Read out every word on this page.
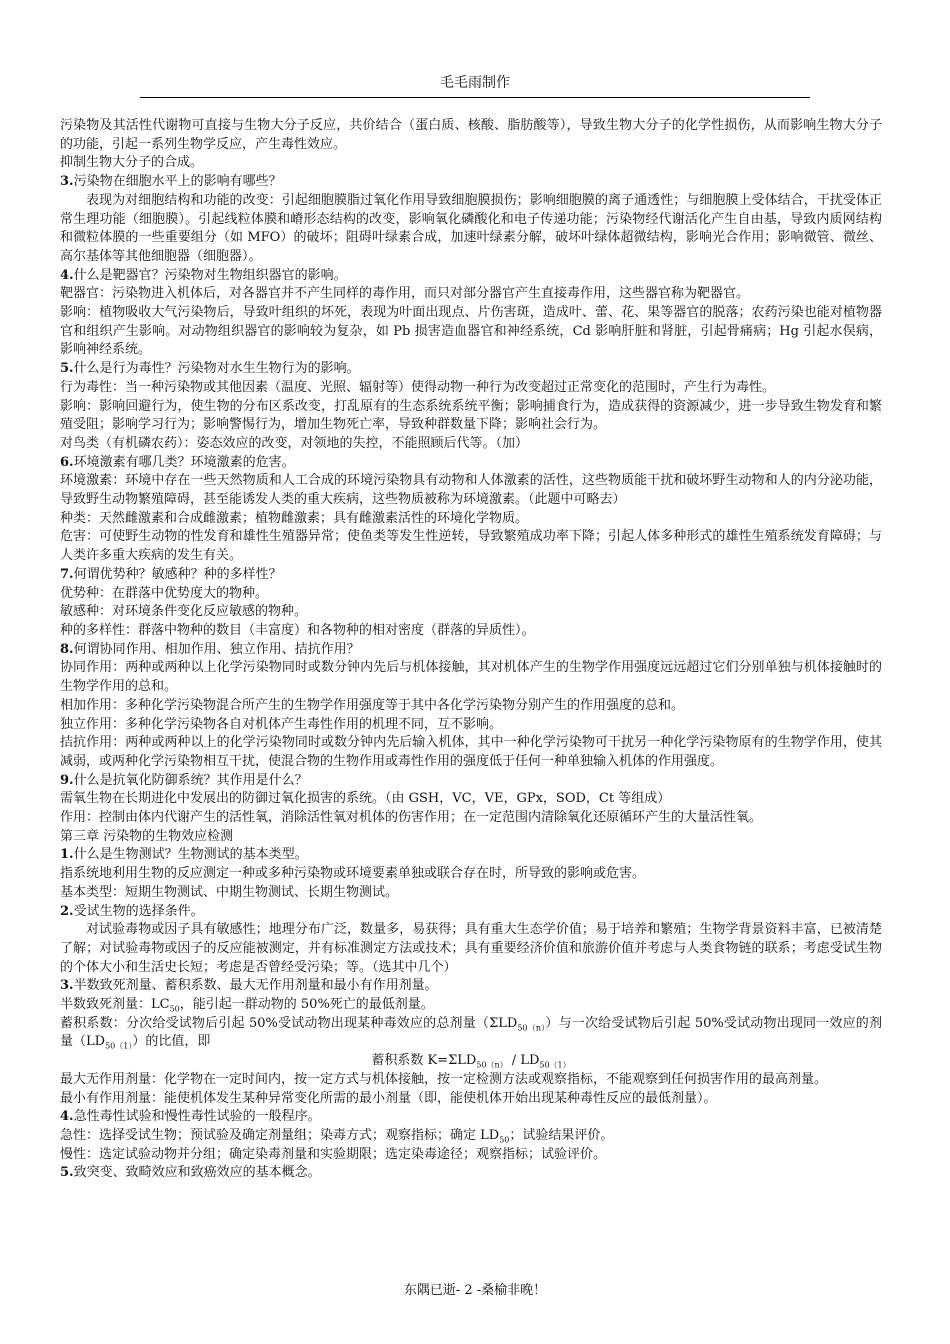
毛毛雨制作

污染物及其活性代谢物可直接与生物大分子反应，共价结合（蛋白质、核酸、脂肪酸等），导致生物大分子的化学性损伤，从而影响生物大分子的功能，引起一系列生物学反应，产生毒性效应。

抑制生物大分子的合成。

3.污染物在细胞水平上的影响有哪些？

表现为对细胞结构和功能的改变：引起细胞膜脂过氧化作用导致细胞膜损伤；影响细胞膜的离子通透性；与细胞膜上受体结合，干扰受体正常生理功能（细胞膜）。引起线粒体膜和嵴形态结构的改变，影响氧化磷酸化和电子传递功能；污染物经代谢活化产生自由基，导致内质网结构和微粒体膜的一些重要组分（如 MFO）的破坏；阻碍叶绿素合成，加速叶绿素分解，破坏叶绿体超微结构，影响光合作用；影响微管、微丝、高尔基体等其他细胞器（细胞器）。

4.什么是靶器官？污染物对生物组织器官的影响。

靶器官：污染物进入机体后，对各器官并不产生同样的毒作用，而只对部分器官产生直接毒作用，这些器官称为靶器官。

影响：植物吸收大气污染物后，导致叶组织的坏死，表现为叶面出现点、片伤害斑，造成叶、蕾、花、果等器官的脱落；农药污染也能对植物器官和组织产生影响。对动物组织器官的影响较为复杂，如 Pb 损害造血器官和神经系统，Cd 影响肝脏和肾脏，引起骨痛病；Hg 引起水俣病，影响神经系统。

5.什么是行为毒性？污染物对水生生物行为的影响。

行为毒性：当一种污染物或其他因素（温度、光照、辐射等）使得动物一种行为改变超过正常变化的范围时，产生行为毒性。

影响：影响回避行为，使生物的分布区系改变，打乱原有的生态系统系统平衡；影响捕食行为，造成获得的资源减少，进一步导致生物发育和繁殖受阻；影响学习行为；影响警惕行为，增加生物死亡率，导致种群数量下降；影响社会行为。

对鸟类（有机磷农药）：姿态效应的改变，对领地的失控，不能照顾后代等。（加）

6.环境激素有哪几类？环境激素的危害。

环境激素：环境中存在一些天然物质和人工合成的环境污染物具有动物和人体激素的活性，这些物质能干扰和破坏野生动物和人的内分泌功能，导致野生动物繁殖障碍，甚至能诱发人类的重大疾病，这些物质被称为环境激素。（此题中可略去）

种类：天然雌激素和合成雌激素；植物雌激素；具有雌激素活性的环境化学物质。

危害：可使野生动物的性发育和雄性生殖器异常；使鱼类等发生性逆转，导致繁殖成功率下降；引起人体多种形式的雄性生殖系统发育障碍；与人类许多重大疾病的发生有关。

7.何谓优势种？敏感种？种的多样性？

优势种：在群落中优势度大的物种。

敏感种：对环境条件变化反应敏感的物种。

种的多样性：群落中物种的数目（丰富度）和各物种的相对密度（群落的异质性）。

8.何谓协同作用、相加作用、独立作用、拮抗作用？

协同作用：两种或两种以上化学污染物同时或数分钟内先后与机体接触，其对机体产生的生物学作用强度远远超过它们分别单独与机体接触时的生物学作用的总和。

相加作用：多种化学污染物混合所产生的生物学作用强度等于其中各化学污染物分别产生的作用强度的总和。

独立作用：多种化学污染物各自对机体产生毒性作用的机理不同，互不影响。

拮抗作用：两种或两种以上的化学污染物同时或数分钟内先后输入机体，其中一种化学污染物可干扰另一种化学污染物原有的生物学作用，使其减弱，或两种化学污染物相互干扰，使混合物的生物作用或毒性作用的强度低于任何一种单独输入机体的作用强度。

9.什么是抗氧化防御系统？其作用是什么？

需氧生物在长期进化中发展出的防御过氧化损害的系统。（由 GSH，VC，VE，GPx，SOD，Ct 等组成）

作用：控制由体内代谢产生的活性氧，消除活性氧对机体的伤害作用；在一定范围内清除氧化还原循环产生的大量活性氧。

第三章 污染物的生物效应检测

1.什么是生物测试？生物测试的基本类型。

指系统地利用生物的反应测定一种或多种污染物或环境要素单独或联合存在时，所导致的影响或危害。

基本类型：短期生物测试、中期生物测试、长期生物测试。

2.受试生物的选择条件。

对试验毒物或因子具有敏感性；地理分布广泛，数量多，易获得；具有重大生态学价值；易于培养和繁殖；生物学背景资料丰富，已被清楚了解；对试验毒物或因子的反应能被测定，并有标准测定方法或技术；具有重要经济价值和旅游价值并考虑与人类食物链的联系；考虑受试生物的个体大小和生活史长短；考虑是否曾经受污染；等。（选其中几个）

3.半数致死剂量、蓄积系数、最大无作用剂量和最小有作用剂量。

半数致死剂量：$LC_{50}$，能引起一群动物的 50%死亡的最低剂量。

蓄积系数：分次给受试物后引起 50%受试动物出现某种毒效应的总剂量$(\Sigma LD_{50(n)})$与一次给受试物后引起 50%受试动物出现同一效应的剂量$(LD_{50(1)})$的比值，即

蓄积系数 $K=\Sigma LD_{50(n)} / LD_{50(1)}$

最大无作用剂量：化学物在一定时间内，按一定方式与机体接触，按一定检测方法或观察指标，不能观察到任何损害作用的最高剂量。

最小有作用剂量：能使机体发生某种异常变化所需的最小剂量（即，能使机体开始出现某种毒性反应的最低剂量）。

4.急性毒性试验和慢性毒性试验的一般程序。

急性：选择受试生物；预试验及确定剂量组；染毒方式；观察指标；确定 $LD_{50}$；试验结果评价。

慢性：选定试验动物并分组；确定染毒剂量和实验期限；选定染毒途径；观察指标；试验评价。

5.致突变、致畸效应和致癌效应的基本概念。

东隅已逝- 2 -桑榆非晚！
